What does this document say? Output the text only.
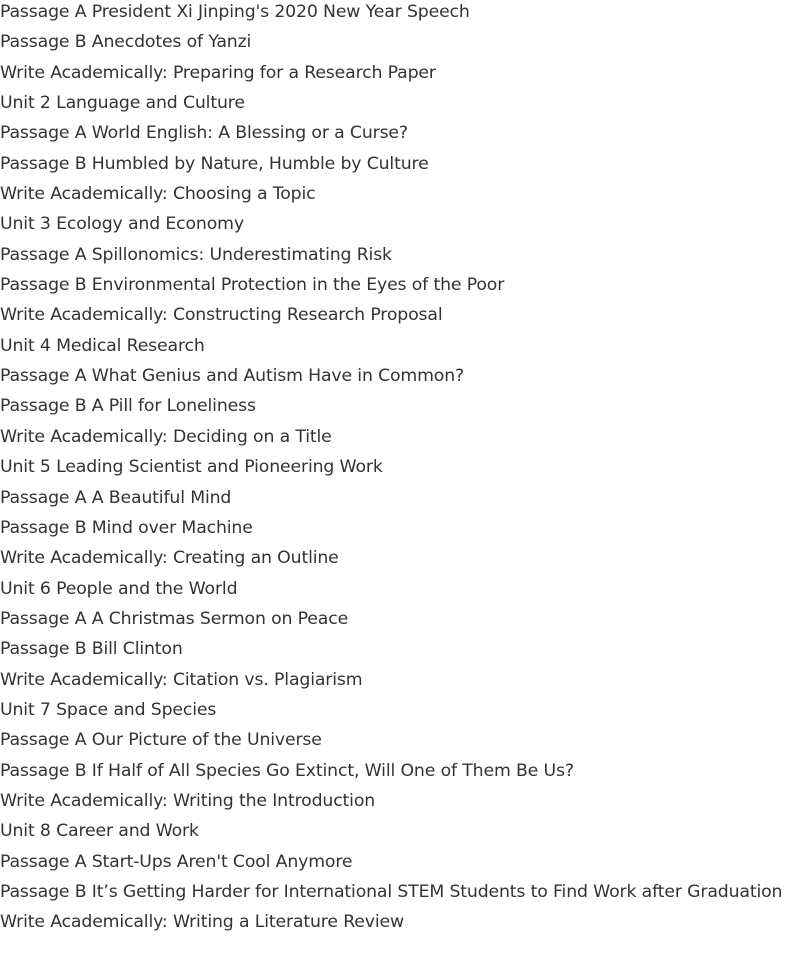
Passage A President Xi Jinping's 2020 New Year Speech
Passage B Anecdotes of Yanzi
Write Academically: Preparing for a Research Paper
Unit 2 Language and Culture
Passage A World English: A Blessing or a Curse?
Passage B Humbled by Nature, Humble by Culture
Write Academically: Choosing a Topic
Unit 3 Ecology and Economy
Passage A Spillonomics: Underestimating Risk
Passage B Environmental Protection in the Eyes of the Poor
Write Academically: Constructing Research Proposal
Unit 4 Medical Research
Passage A What Genius and Autism Have in Common?
Passage B A Pill for Loneliness
Write Academically: Deciding on a Title
Unit 5 Leading Scientist and Pioneering Work
Passage A A Beautiful Mind
Passage B Mind over Machine
Write Academically: Creating an Outline
Unit 6 People and the World
Passage A A Christmas Sermon on Peace
Passage B Bill Clinton
Write Academically: Citation vs. Plagiarism
Unit 7 Space and Species
Passage A Our Picture of the Universe
Passage B If Half of All Species Go Extinct, Will One of Them Be Us?
Write Academically: Writing the Introduction
Unit 8 Career and Work
Passage A Start-Ups Aren't Cool Anymore
Passage B It’s Getting Harder for International STEM Students to Find Work after Graduation
Write Academically: Writing a Literature Review
